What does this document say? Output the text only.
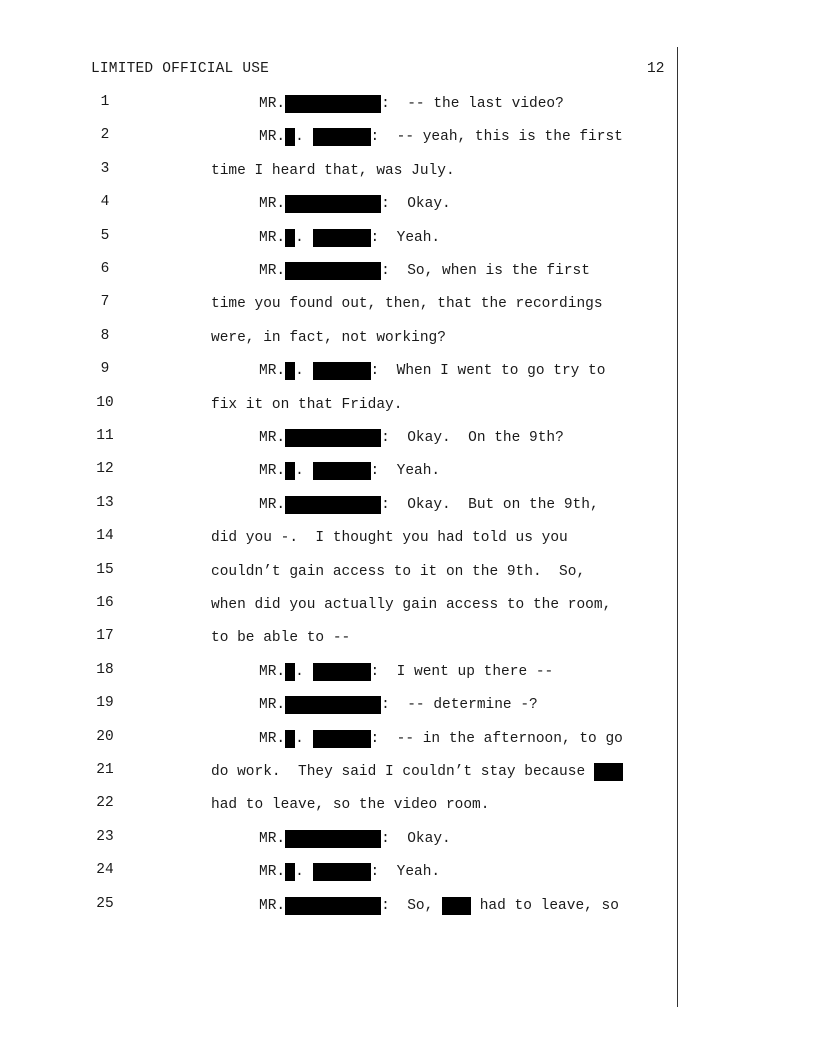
LIMITED OFFICIAL USE	12
1	MR.	:  -- the last video?
2	MR. .	:  -- yeah, this is the first
3	time I heard that, was July.
4	MR.	:  Okay.
5	MR. .	:  Yeah.
6	MR.	:  So, when is the first
7	time you found out, then, that the recordings
8	were, in fact, not working?
9	MR. .	:  When I went to go try to
10	fix it on that Friday.
11	MR.	:  Okay.  On the 9th?
12	MR. .	:  Yeah.
13	MR.	:  Okay.  But on the 9th,
14	did you -.  I thought you had told us you
15	couldn’t gain access to it on the 9th.  So,
16	when did you actually gain access to the room,
17	to be able to --
18	MR. .	:  I went up there --
19	MR.	:  -- determine -?
20	MR. .	:  -- in the afternoon, to go
21	do work.  They said I couldn’t stay because
22	had to leave, so the video room.
23	MR.	:  Okay.
24	MR. .	:  Yeah.
25	MR.	:  So, had to leave, so
